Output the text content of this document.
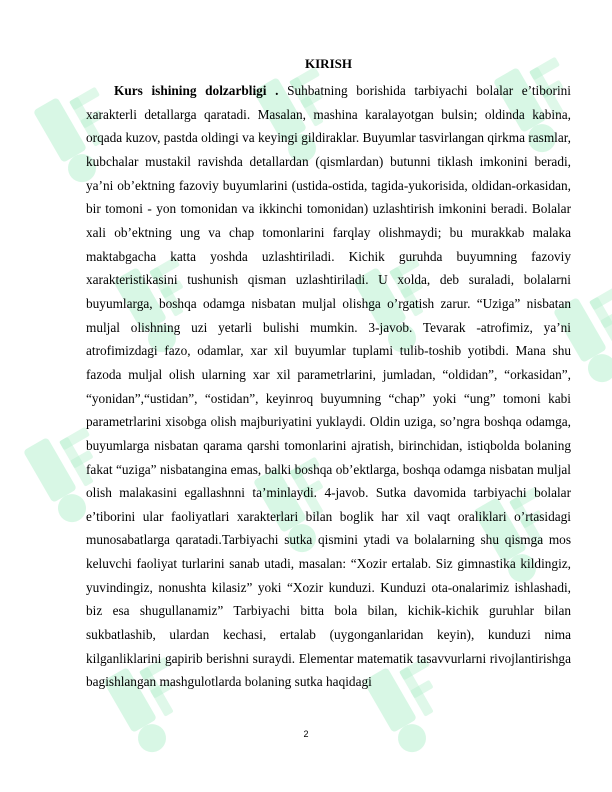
KIRISH

Kurs ishining dolzarbligi . Suhbatning borishida tarbiyachi bolalar e’tiborini xarakterli detallarga qaratadi. Masalan, mashina karalayotgan bulsin; oldinda kabina, orqada kuzov, pastda oldingi va keyingi gildiraklar. Buyumlar tasvirlangan qirkma rasmlar, kubchalar mustakil ravishda detallardan (qismlardan) butunni tiklash imkonini beradi, ya’ni ob’ektning fazoviy buyumlarini (ustida-ostida, tagida-yukorisida, oldidan-orkasidan, bir tomoni - yon tomonidan va ikkinchi tomonidan) uzlashtirish imkonini beradi. Bolalar xali ob’ektning ung va chap tomonlarini farqlay olishmaydi; bu murakkab malaka maktabgacha katta yoshda uzlashtiriladi. Kichik guruhda buyumning fazoviy xarakteristikasini tushunish qisman uzlashtiriladi. U xolda, deb suraladi, bolalarni buyumlarga, boshqa odamga nisbatan muljal olishga o’rgatish zarur. “Uziga” nisbatan muljal olishning uzi yetarli bulishi mumkin. 3-javob. Tevarak -atrofimiz, ya’ni atrofimizdagi fazo, odamlar, xar xil buyumlar tuplami tulib-toshib yotibdi. Mana shu fazoda muljal olish ularning xar xil parametrlarini, jumladan, “oldidan”, “orkasidan”, “yonidan”,“ustidan”, “ostidan”, keyinroq buyumning “chap” yoki “ung” tomoni kabi parametrlarini xisobga olish majburiyatini yuklaydi. Oldin uziga, so’ngra boshqa odamga, buyumlarga nisbatan qarama qarshi tomonlarini ajratish, birinchidan, istiqbolda bolaning fakat “uziga” nisbatangina emas, balki boshqa ob’ektlarga, boshqa odamga nisbatan muljal olish malakasini egallashnni ta’minlaydi. 4-javob. Sutka davomida tarbiyachi bolalar e’tiborini ular faoliyatlari xarakterlari bilan boglik har xil vaqt oraliklari o’rtasidagi munosabatlarga qaratadi.Tarbiyachi sutka qismini ytadi va bolalarning shu qismga mos keluvchi faoliyat turlarini sanab utadi, masalan: “Xozir ertalab. Siz gimnastika kildingiz, yuvindingiz, nonushta kilasiz” yoki “Xozir kunduzi. Kunduzi ota-onalarimiz ishlashadi, biz esa shugullanamiz” Tarbiyachi bitta bola bilan, kichik-kichik guruhlar bilan sukbatlashib, ulardan kechasi, ertalab (uygonganlaridan keyin), kunduzi nima kilganliklarini gapirib berishni suraydi. Elementar matematik tasavvurlarni rivojlantirishga bagishlangan mashgulotlarda bolaning sutka haqidagi

2
